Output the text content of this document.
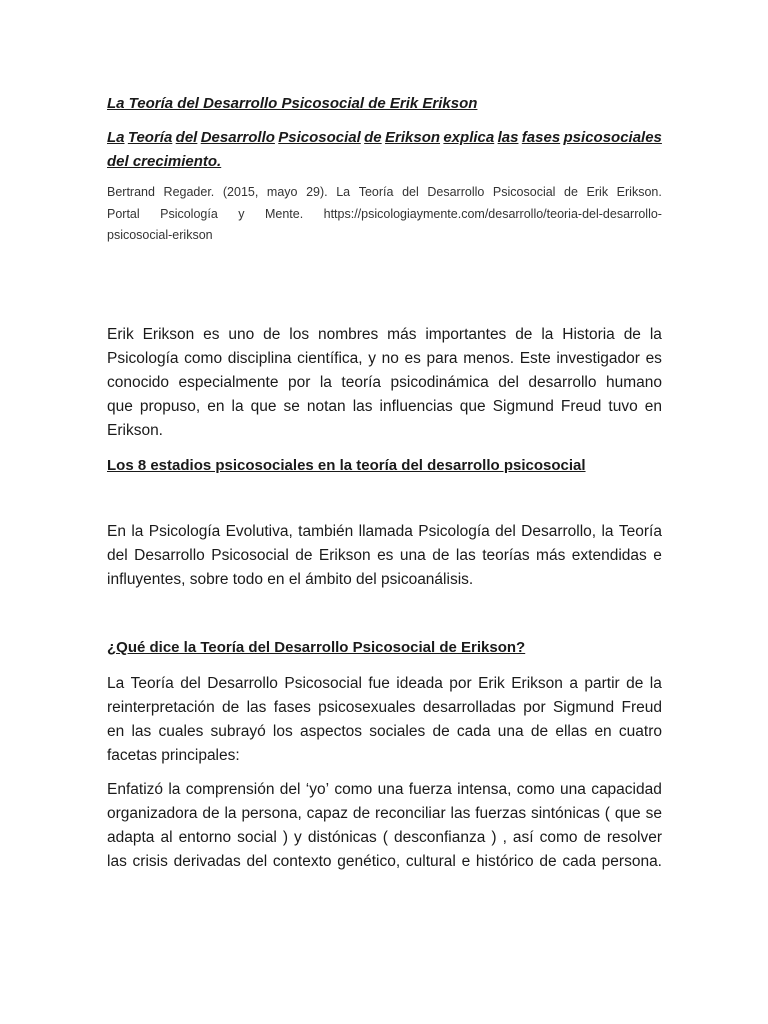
La Teoría del Desarrollo Psicosocial de Erik Erikson
La Teoría del Desarrollo Psicosocial de Erikson explica las fases psicosociales
del crecimiento.
Bertrand Regader. (2015, mayo 29). La Teoría del Desarrollo Psicosocial de Erik Erikson.
Portal Psicología y Mente. https://psicologiaymente.com/desarrollo/teoria-del-desarrollo-
psicosocial-erikson
Erik Erikson es uno de los nombres más importantes de la Historia de la
Psicología como disciplina científica, y no es para menos. Este investigador es
conocido especialmente por la teoría psicodinámica del desarrollo humano
que propuso, en la que se notan las influencias que Sigmund Freud tuvo en
Erikson.
Los 8 estadios psicosociales en la teoría del desarrollo psicosocial
En la Psicología Evolutiva, también llamada Psicología del Desarrollo, la Teoría
del Desarrollo Psicosocial de Erikson es una de las teorías más extendidas e
influyentes, sobre todo en el ámbito del psicoanálisis.
¿Qué dice la Teoría del Desarrollo Psicosocial de Erikson?
La Teoría del Desarrollo Psicosocial fue ideada por Erik Erikson a partir de la
reinterpretación de las fases psicosexuales desarrolladas por Sigmund Freud
en las cuales subrayó los aspectos sociales de cada una de ellas en cuatro
facetas principales:
Enfatizó la comprensión del ‘yo’ como una fuerza intensa, como una capacidad
organizadora de la persona, capaz de reconciliar las fuerzas sintónicas ( que se
adapta al entorno social ) y distónicas ( desconfianza ) , así como de resolver
las crisis derivadas del contexto genético, cultural e histórico de cada persona.
